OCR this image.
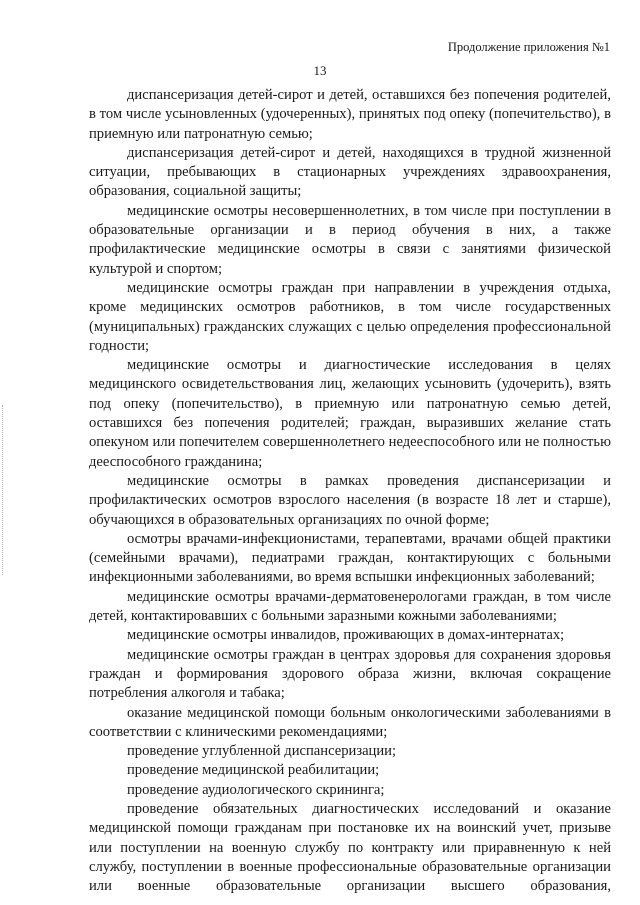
Продолжение приложения №1
13

диспансеризация детей-сирот и детей, оставшихся без попечения родителей, в том числе усыновленных (удочеренных), принятых под опеку (попечительство), в приемную или патронатную семью;

диспансеризация детей-сирот и детей, находящихся в трудной жизненной ситуации, пребывающих в стационарных учреждениях здравоохранения, образования, социальной защиты;

медицинские осмотры несовершеннолетних, в том числе при поступлении в образовательные организации и в период обучения в них, а также профилактические медицинские осмотры в связи с занятиями физической культурой и спортом;

медицинские осмотры граждан при направлении в учреждения отдыха, кроме медицинских осмотров работников, в том числе государственных (муниципальных) гражданских служащих с целью определения профессиональной годности;

медицинские осмотры и диагностические исследования в целях медицинского освидетельствования лиц, желающих усыновить (удочерить), взять под опеку (попечительство), в приемную или патронатную семью детей, оставшихся без попечения родителей; граждан, выразивших желание стать опекуном или попечителем совершеннолетнего недееспособного или не полностью дееспособного гражданина;

медицинские осмотры в рамках проведения диспансеризации и профилактических осмотров взрослого населения (в возрасте 18 лет и старше), обучающихся в образовательных организациях по очной форме;

осмотры врачами-инфекционистами, терапевтами, врачами общей практики (семейными врачами), педиатрами граждан, контактирующих с больными инфекционными заболеваниями, во время вспышки инфекционных заболеваний;

медицинские осмотры врачами-дерматовенерологами граждан, в том числе детей, контактировавших с больными заразными кожными заболеваниями;

медицинские осмотры инвалидов, проживающих в домах-интернатах;

медицинские осмотры граждан в центрах здоровья для сохранения здоровья граждан и формирования здорового образа жизни, включая сокращение потребления алкоголя и табака;

оказание медицинской помощи больным онкологическими заболеваниями в соответствии с клиническими рекомендациями;

проведение углубленной диспансеризации;

проведение медицинской реабилитации;

проведение аудиологического скрининга;

проведение обязательных диагностических исследований и оказание медицинской помощи гражданам при постановке их на воинский учет, призыве или поступлении на военную службу по контракту или приравненную к ней службу, поступлении в военные профессиональные образовательные организации или военные образовательные организации высшего образования,
